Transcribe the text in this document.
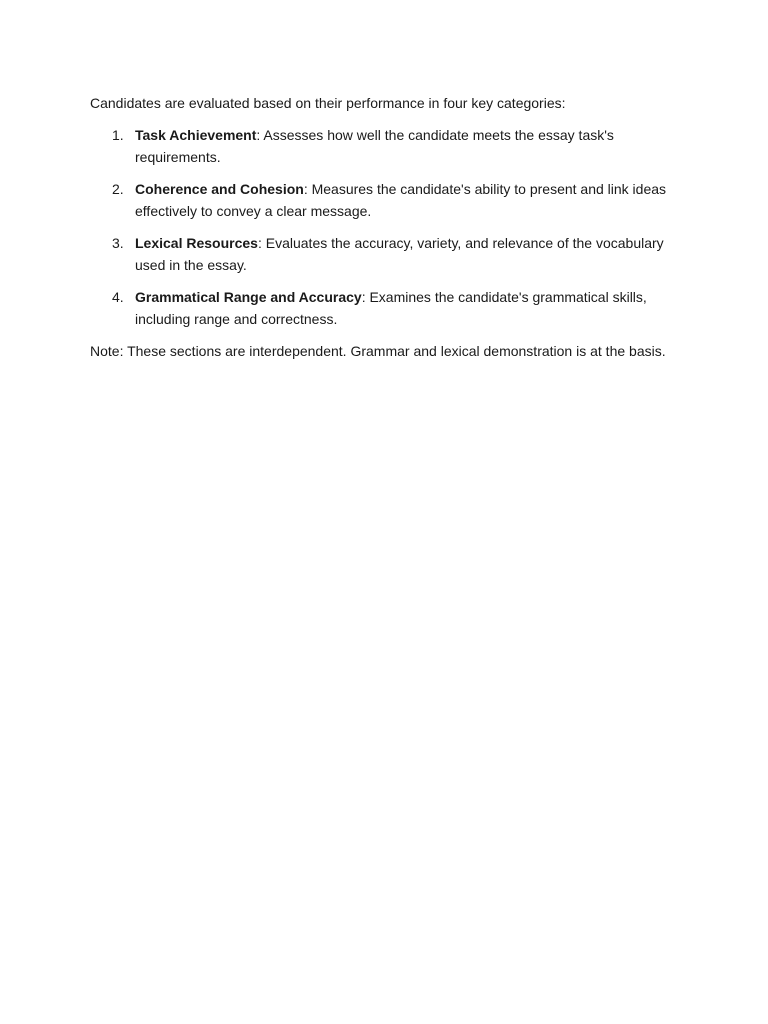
Candidates are evaluated based on their performance in four key categories:

1. Task Achievement: Assesses how well the candidate meets the essay task's requirements.
2. Coherence and Cohesion: Measures the candidate's ability to present and link ideas effectively to convey a clear message.
3. Lexical Resources: Evaluates the accuracy, variety, and relevance of the vocabulary used in the essay.
4. Grammatical Range and Accuracy: Examines the candidate's grammatical skills, including range and correctness.

Note: These sections are interdependent. Grammar and lexical demonstration is at the basis.
